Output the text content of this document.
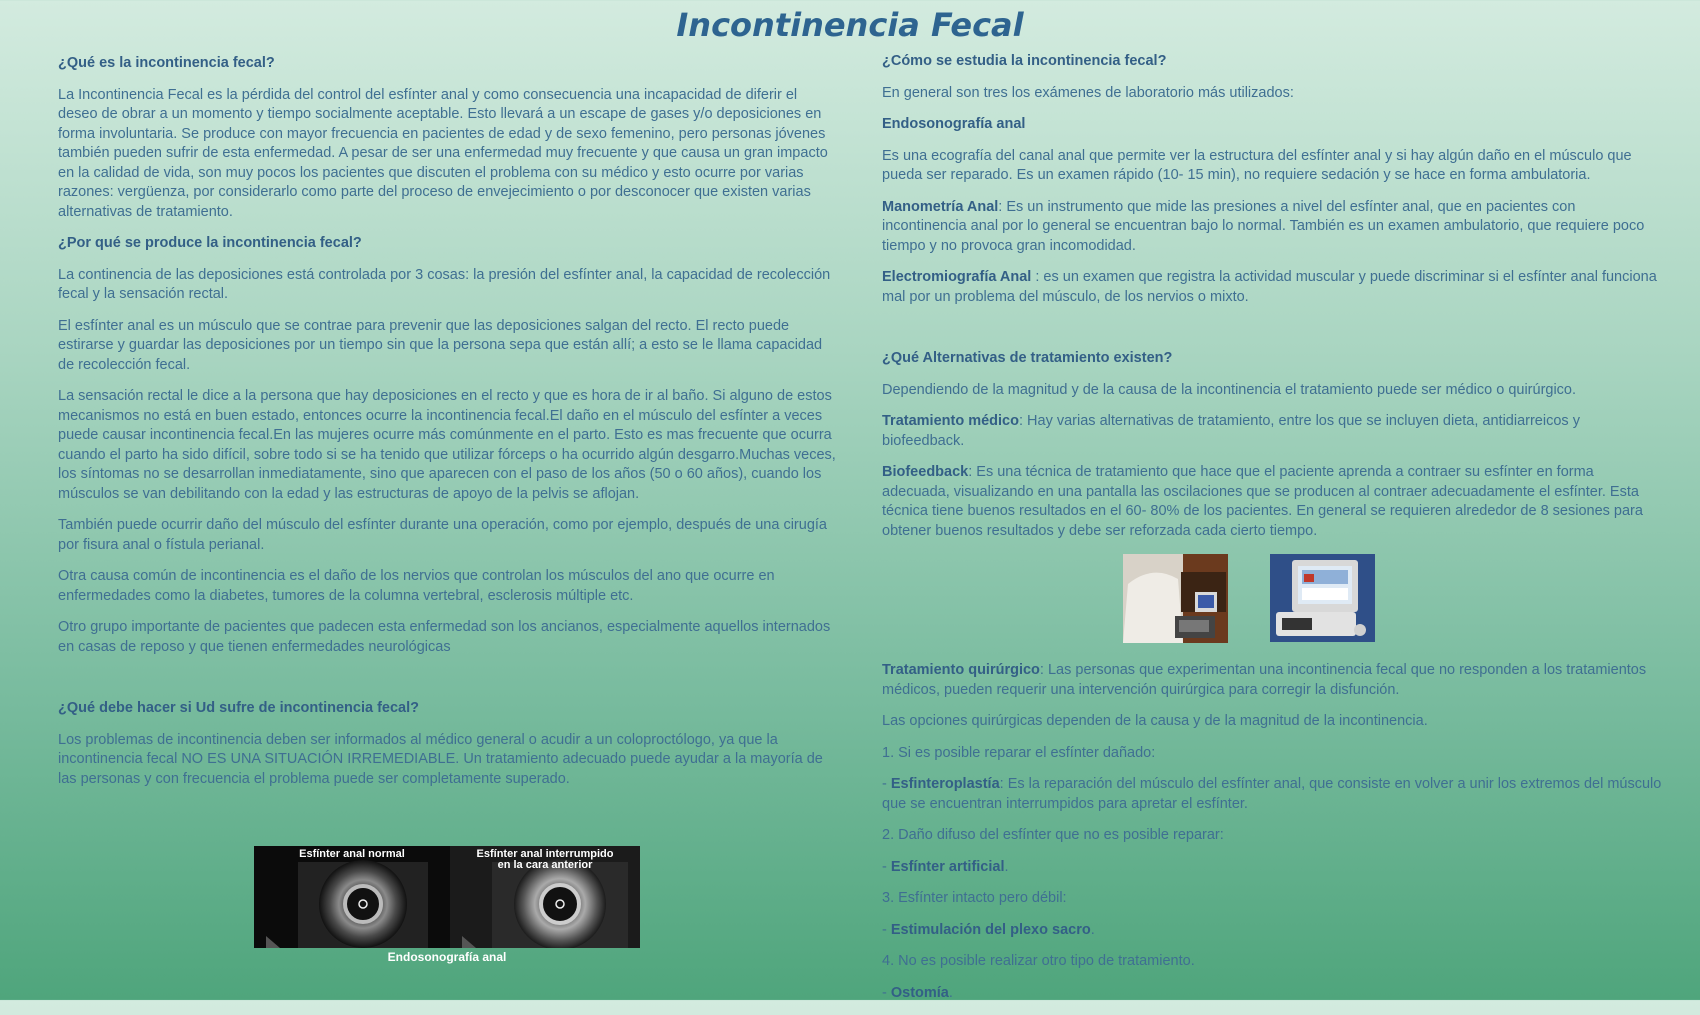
Incontinencia Fecal
¿Qué es la incontinencia fecal?

La Incontinencia Fecal es la pérdida del control del esfínter anal y como consecuencia una incapacidad de diferir el deseo de obrar a un momento y tiempo socialmente aceptable. Esto llevará a un escape de gases y/o deposiciones en forma involuntaria. Se produce con mayor frecuencia en pacientes de edad y de sexo femenino, pero personas jóvenes también pueden sufrir de esta enfermedad. A pesar de ser una enfermedad muy frecuente y que causa un gran impacto en la calidad de vida, son muy pocos los pacientes que discuten el problema con su médico y esto ocurre por varias razones: vergüenza, por considerarlo como parte del proceso de envejecimiento o por desconocer que existen varias alternativas de tratamiento.

¿Por qué se produce la incontinencia fecal?

La continencia de las deposiciones está controlada por 3 cosas: la presión del esfínter anal, la capacidad de recolección fecal y la sensación rectal.

El esfínter anal es un músculo que se contrae para prevenir que las deposiciones salgan del recto. El recto puede estirarse y guardar las deposiciones por un tiempo sin que la persona sepa que están allí; a esto se le llama capacidad de recolección fecal.

La sensación rectal le dice a la persona que hay deposiciones en el recto y que es hora de ir al baño. Si alguno de estos mecanismos no está en buen estado, entonces ocurre la incontinencia fecal.El daño en el músculo del esfínter a veces puede causar incontinencia fecal.En las mujeres ocurre más comúnmente en el parto. Esto es mas frecuente que ocurra cuando el parto ha sido difícil, sobre todo si se ha tenido que utilizar fórceps o ha ocurrido algún desgarro.Muchas veces, los síntomas no se desarrollan inmediatamente, sino que aparecen con el paso de los años (50 o 60 años), cuando los músculos se van debilitando con la edad y las estructuras de apoyo de la pelvis se aflojan.

También puede ocurrir daño del músculo del esfínter durante una operación, como por ejemplo, después de una cirugía por fisura anal o fístula perianal.

Otra causa común de incontinencia es el daño de los nervios que controlan los músculos del ano que ocurre en enfermedades como la diabetes, tumores de la columna vertebral, esclerosis múltiple etc.

Otro grupo importante de pacientes que padecen esta enfermedad son los ancianos, especialmente aquellos internados en casas de reposo y que tienen enfermedades neurológicas

¿Qué debe hacer si Ud sufre de incontinencia fecal?

Los problemas de incontinencia deben ser informados al médico general o acudir a un coloproctólogo, ya que la incontinencia fecal NO ES UNA SITUACIÓN IRREMEDIABLE. Un tratamiento adecuado puede ayudar a la mayoría de las personas y con frecuencia el problema puede ser completamente superado.

Esfínter anal normal	Esfínter anal interrumpido
en la cara anterior
Endosonografía anal
¿Cómo se estudia la incontinencia fecal?

En general son tres los exámenes de laboratorio más utilizados:

Endosonografía anal

Es una ecografía del canal anal que permite ver la estructura del esfínter anal y si hay algún daño en el músculo que pueda ser reparado. Es un examen rápido (10- 15 min), no requiere sedación y se hace en forma ambulatoria.

Manometría Anal: Es un instrumento que mide las presiones a nivel del esfínter anal, que en pacientes con incontinencia anal por lo general se encuentran bajo lo normal. También es un examen ambulatorio, que requiere poco tiempo y no provoca gran incomodidad.

Electromiografía Anal : es un examen que registra la actividad muscular y puede discriminar si el esfínter anal funciona mal por un problema del músculo, de los nervios o mixto.

¿Qué Alternativas de tratamiento existen?

Dependiendo de la magnitud y de la causa de la incontinencia el tratamiento puede ser médico o quirúrgico.

Tratamiento médico: Hay varias alternativas de tratamiento, entre los que se incluyen dieta, antidiarreicos y biofeedback.

Biofeedback: Es una técnica de tratamiento que hace que el paciente aprenda a contraer su esfínter en forma adecuada, visualizando en una pantalla las oscilaciones que se producen al contraer adecuadamente el esfínter. Esta técnica tiene buenos resultados en el 60- 80% de los pacientes. En general se requieren alrededor de 8 sesiones para obtener buenos resultados y debe ser reforzada cada cierto tiempo.

Tratamiento quirúrgico: Las personas que experimentan una incontinencia fecal que no responden a los tratamientos médicos, pueden requerir una intervención quirúrgica para corregir la disfunción.

Las opciones quirúrgicas dependen de la causa y de la magnitud de la incontinencia.

1. Si es posible reparar el esfínter dañado:

- Esfinteroplastía: Es la reparación del músculo del esfínter anal, que consiste en volver a unir los extremos del músculo que se encuentran interrumpidos para apretar el esfínter.

2. Daño difuso del esfínter que no es posible reparar:

- Esfínter artificial.

3. Esfínter intacto pero débil:

- Estimulación del plexo sacro.

4. No es posible realizar otro tipo de tratamiento.

- Ostomía.
